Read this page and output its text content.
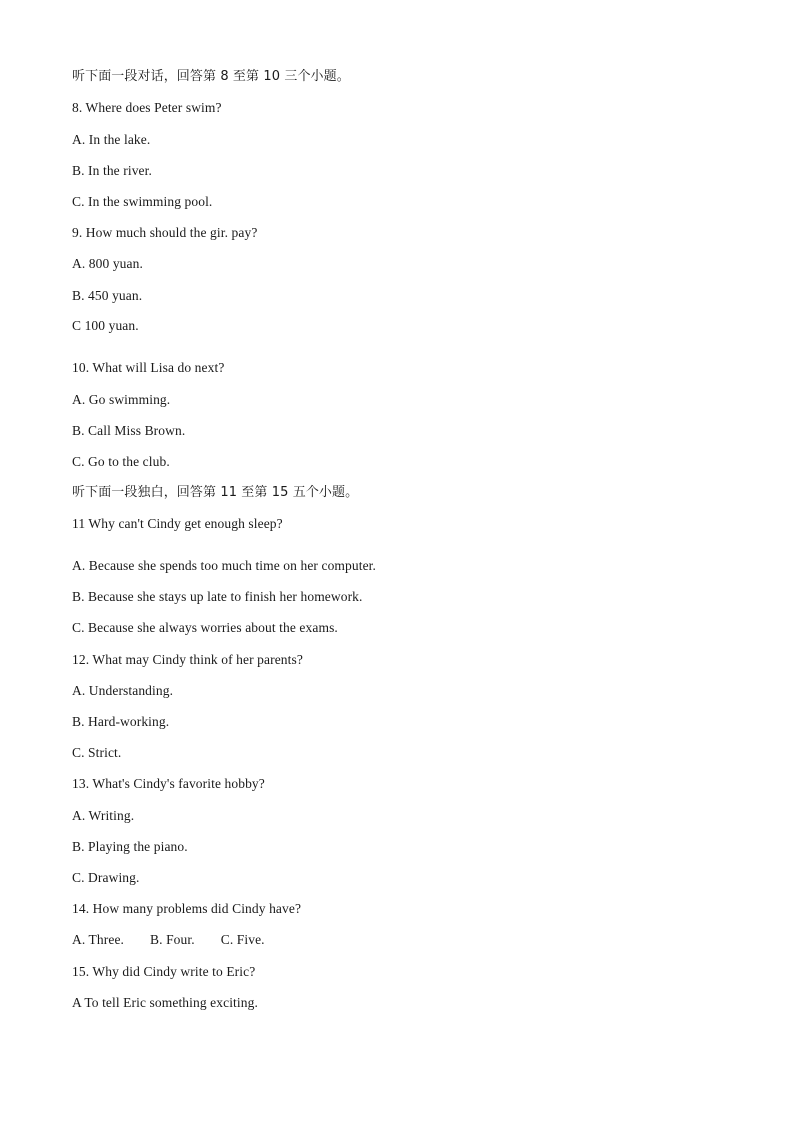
听下面一段对话，回答第 8 至第 10 三个小题。
8. Where does Peter swim?
A. In the lake.
B. In the river.
C. In the swimming pool.
9. How much should the gir. pay?
A. 800 yuan.
B. 450 yuan.
C 100 yuan.
10. What will Lisa do next?
A. Go swimming.
B. Call Miss Brown.
C. Go to the club.
听下面一段独白，回答第 11 至第 15 五个小题。
11 Why can't Cindy get enough sleep?
A. Because she spends too much time on her computer.
B. Because she stays up late to finish her homework.
C. Because she always worries about the exams.
12. What may Cindy think of her parents?
A. Understanding.
B. Hard-working.
C. Strict.
13. What's Cindy's favorite hobby?
A. Writing.
B. Playing the piano.
C. Drawing.
14. How many problems did Cindy have?
A. Three. B. Four. C. Five.
15. Why did Cindy write to Eric?
A To tell Eric something exciting.
